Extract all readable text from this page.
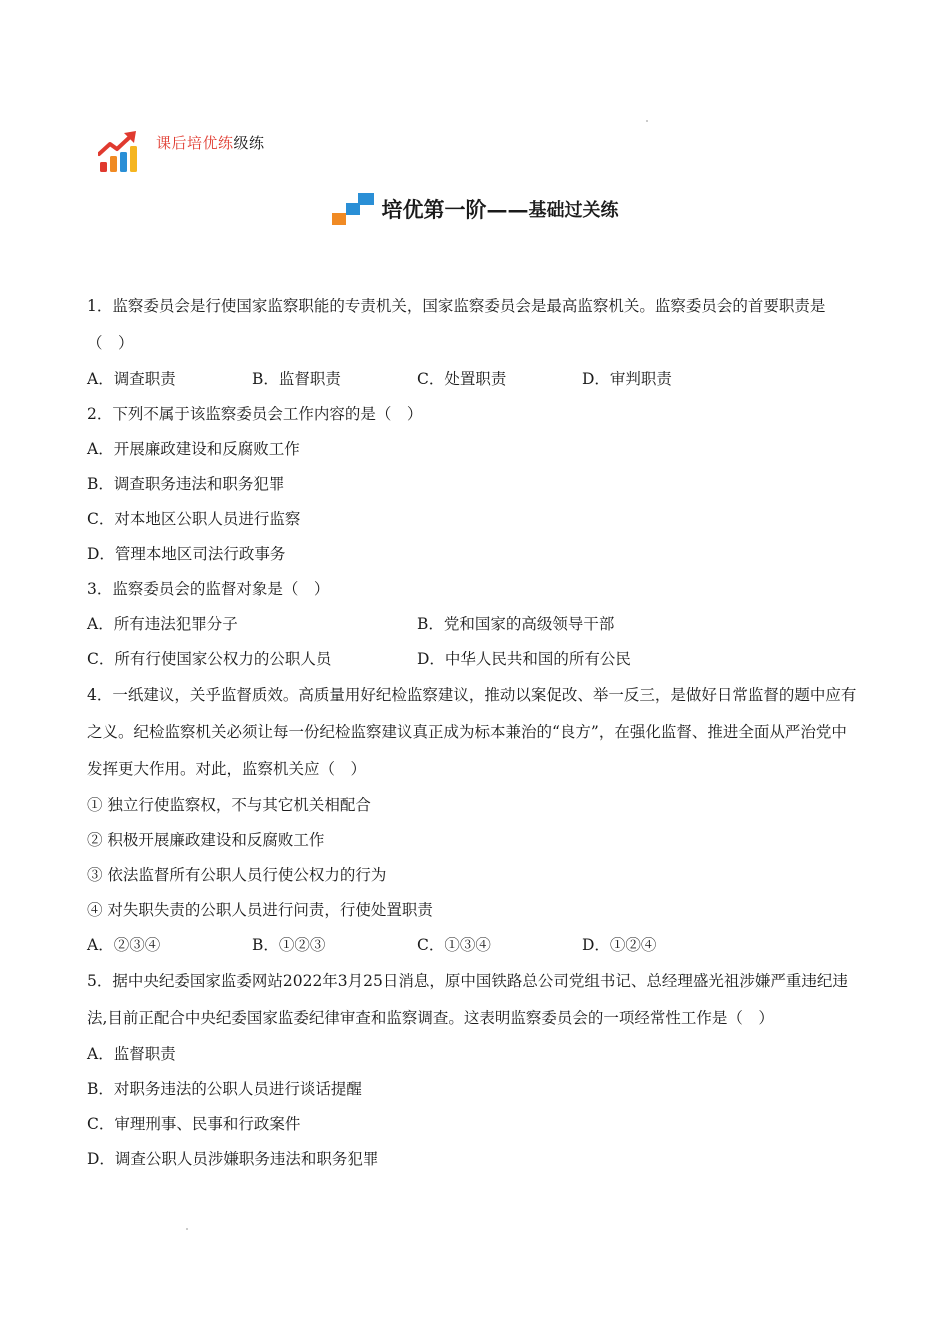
课后培优练级练
培优第一阶 —— 基础过关练
1．监察委员会是行使国家监察职能的专责机关，国家监察委员会是最高监察机关。监察委员会的首要职责是（　）
A．调查职责	B．监督职责	C．处置职责	D．审判职责
2．下列不属于该监察委员会工作内容的是（　）
A．开展廉政建设和反腐败工作
B．调查职务违法和职务犯罪
C．对本地区公职人员进行监察
D．管理本地区司法行政事务
3．监察委员会的监督对象是（　）
A．所有违法犯罪分子	B．党和国家的高级领导干部
C．所有行使国家公权力的公职人员	D．中华人民共和国的所有公民
4．一纸建议，关乎监督质效。高质量用好纪检监察建议，推动以案促改、举一反三，是做好日常监督的题中应有之义。纪检监察机关必须让每一份纪检监察建议真正成为标本兼治的“良方”，在强化监督、推进全面从严治党中发挥更大作用。对此，监察机关应（　）
① 独立行使监察权，不与其它机关相配合
② 积极开展廉政建设和反腐败工作
③ 依法监督所有公职人员行使公权力的行为
④ 对失职失责的公职人员进行问责，行使处置职责
A．②③④	B．①②③	C．①③④	D．①②④
5．据中央纪委国家监委网站2022年3月25日消息，原中国铁路总公司党组书记、总经理盛光祖涉嫌严重违纪违法,目前正配合中央纪委国家监委纪律审查和监察调查。这表明监察委员会的一项经常性工作是（　）
A．监督职责
B．对职务违法的公职人员进行谈话提醒
C．审理刑事、民事和行政案件
D．调查公职人员涉嫌职务违法和职务犯罪
